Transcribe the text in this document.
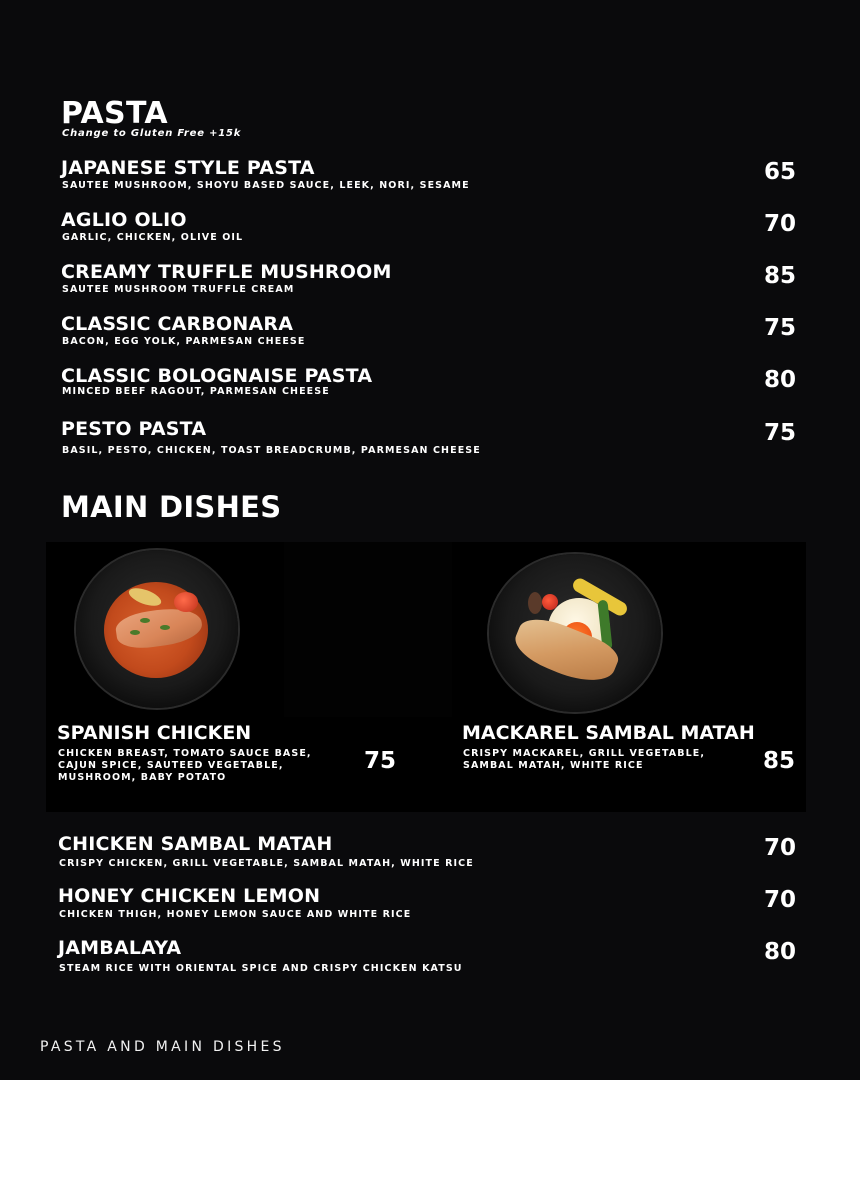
PASTA
Change to Gluten Free +15k
JAPANESE STYLE PASTA
SAUTEE MUSHROOM, SHOYU BASED SAUCE, LEEK, NORI, SESAME
65
AGLIO OLIO
GARLIC, CHICKEN, OLIVE OIL
70
CREAMY TRUFFLE MUSHROOM
SAUTEE MUSHROOM TRUFFLE CREAM
85
CLASSIC CARBONARA
BACON, EGG YOLK, PARMESAN CHEESE
75
CLASSIC BOLOGNAISE PASTA
MINCED BEEF RAGOUT, PARMESAN CHEESE	80
PESTO PASTA
BASIL, PESTO, CHICKEN, TOAST BREADCRUMB, PARMESAN CHEESE
75
MAIN DISHES
SPANISH CHICKEN
CHICKEN BREAST, TOMATO SAUCE BASE, CAJUN SPICE, SAUTEED VEGETABLE, MUSHROOM, BABY POTATO
75
MACKAREL SAMBAL MATAH
CRISPY MACKAREL, GRILL VEGETABLE, SAMBAL MATAH, WHITE RICE	85
CHICKEN SAMBAL MATAH
CRISPY CHICKEN, GRILL VEGETABLE, SAMBAL MATAH, WHITE RICE
70
HONEY CHICKEN LEMON
CHICKEN THIGH, HONEY LEMON SAUCE AND WHITE RICE
70
JAMBALAYA
STEAM RICE WITH ORIENTAL SPICE AND CRISPY CHICKEN KATSU
80
PASTA AND MAIN DISHES
